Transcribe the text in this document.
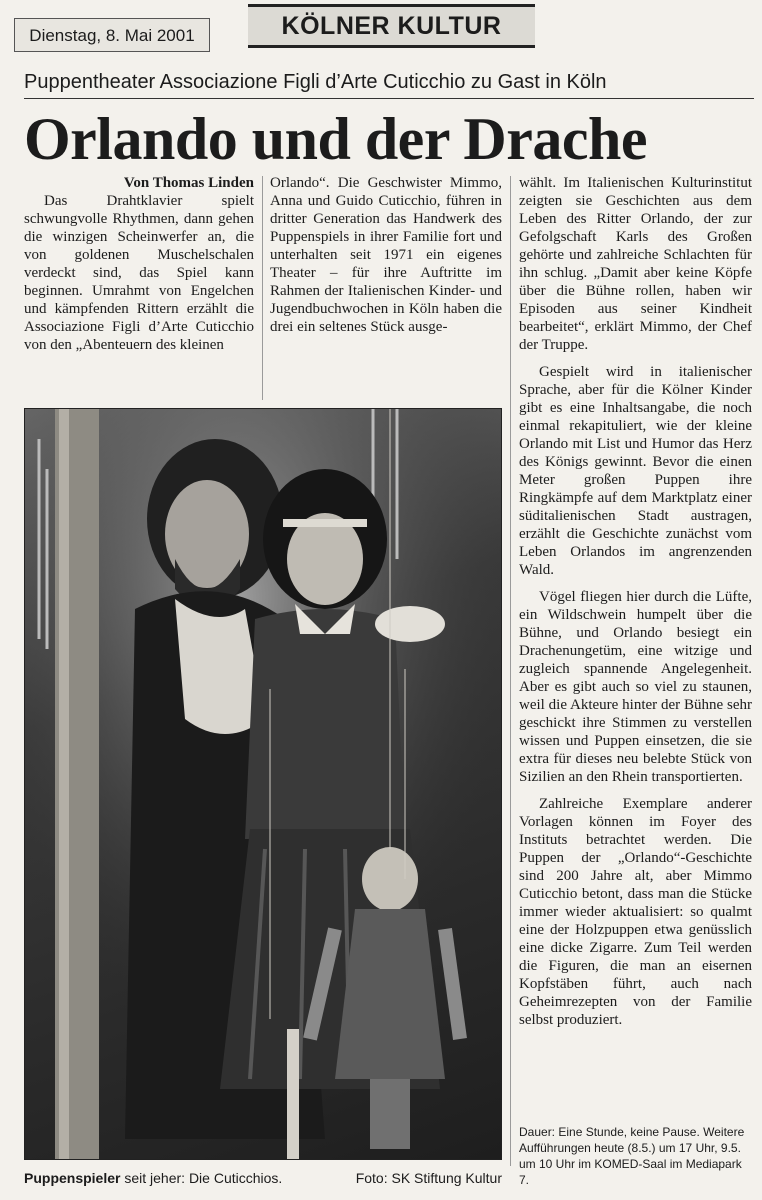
Dienstag, 8. Mai 2001	KÖLNER KULTUR
Puppentheater Associazione Figli d’Arte Cuticchio zu Gast in Köln
Orlando und der Drache
Von Thomas Linden

Das Drahtklavier spielt schwungvolle Rhythmen, dann gehen die winzigen Scheinwerfer an, die von goldenen Muschelschalen verdeckt sind, das Spiel kann beginnen. Umrahmt von Engelchen und kämpfenden Rittern erzählt die Associazione Figli d’Arte Cuticchio von den „Abenteuern des kleinen

Orlando“. Die Geschwister Mimmo, Anna und Guido Cuticchio, führen in dritter Generation das Handwerk des Puppenspiels in ihrer Familie fort und unterhalten seit 1971 ein eigenes Theater – für ihre Auftritte im Rahmen der Italienischen Kinder- und Jugendbuchwochen in Köln haben die drei ein seltenes Stück ausge-

wählt. Im Italienischen Kulturinstitut zeigten sie Geschichten aus dem Leben des Ritter Orlando, der zur Gefolgschaft Karls des Großen gehörte und zahlreiche Schlachten für ihn schlug. „Damit aber keine Köpfe über die Bühne rollen, haben wir Episoden aus seiner Kindheit bearbeitet“, erklärt Mimmo, der Chef der Truppe.

Gespielt wird in italienischer Sprache, aber für die Kölner Kinder gibt es eine Inhaltsangabe, die noch einmal rekapituliert, wie der kleine Orlando mit List und Humor das Herz des Königs gewinnt. Bevor die einen Meter großen Puppen ihre Ringkämpfe auf dem Marktplatz einer süditalienischen Stadt austragen, erzählt die Geschichte zunächst vom Leben Orlandos im angrenzenden Wald.

Vögel fliegen hier durch die Lüfte, ein Wildschwein humpelt über die Bühne, und Orlando besiegt ein Drachenungetüm, eine witzige und zugleich spannende Angelegenheit. Aber es gibt auch so viel zu staunen, weil die Akteure hinter der Bühne sehr geschickt ihre Stimmen zu verstellen wissen und Puppen einsetzen, die sie extra für dieses neu belebte Stück von Sizilien an den Rhein transportierten.

Zahlreiche Exemplare anderer Vorlagen können im Foyer des Instituts betrachtet werden. Die Puppen der „Orlando“-Geschichte sind 200 Jahre alt, aber Mimmo Cuticchio betont, dass man die Stücke immer wieder aktualisiert: so qualmt eine der Holzpuppen etwa genüsslich eine dicke Zigarre. Zum Teil werden die Figuren, die man an eisernen Kopfstäben führt, auch nach Geheimrezepten von der Familie selbst produziert.

Puppenspieler seit jeher: Die Cuticchios.	Foto: SK Stiftung Kultur
Dauer: Eine Stunde, keine Pause. Weitere Aufführungen heute (8.5.) um 17 Uhr, 9.5. um 10 Uhr im KOMED-Saal im Mediapark 7.
